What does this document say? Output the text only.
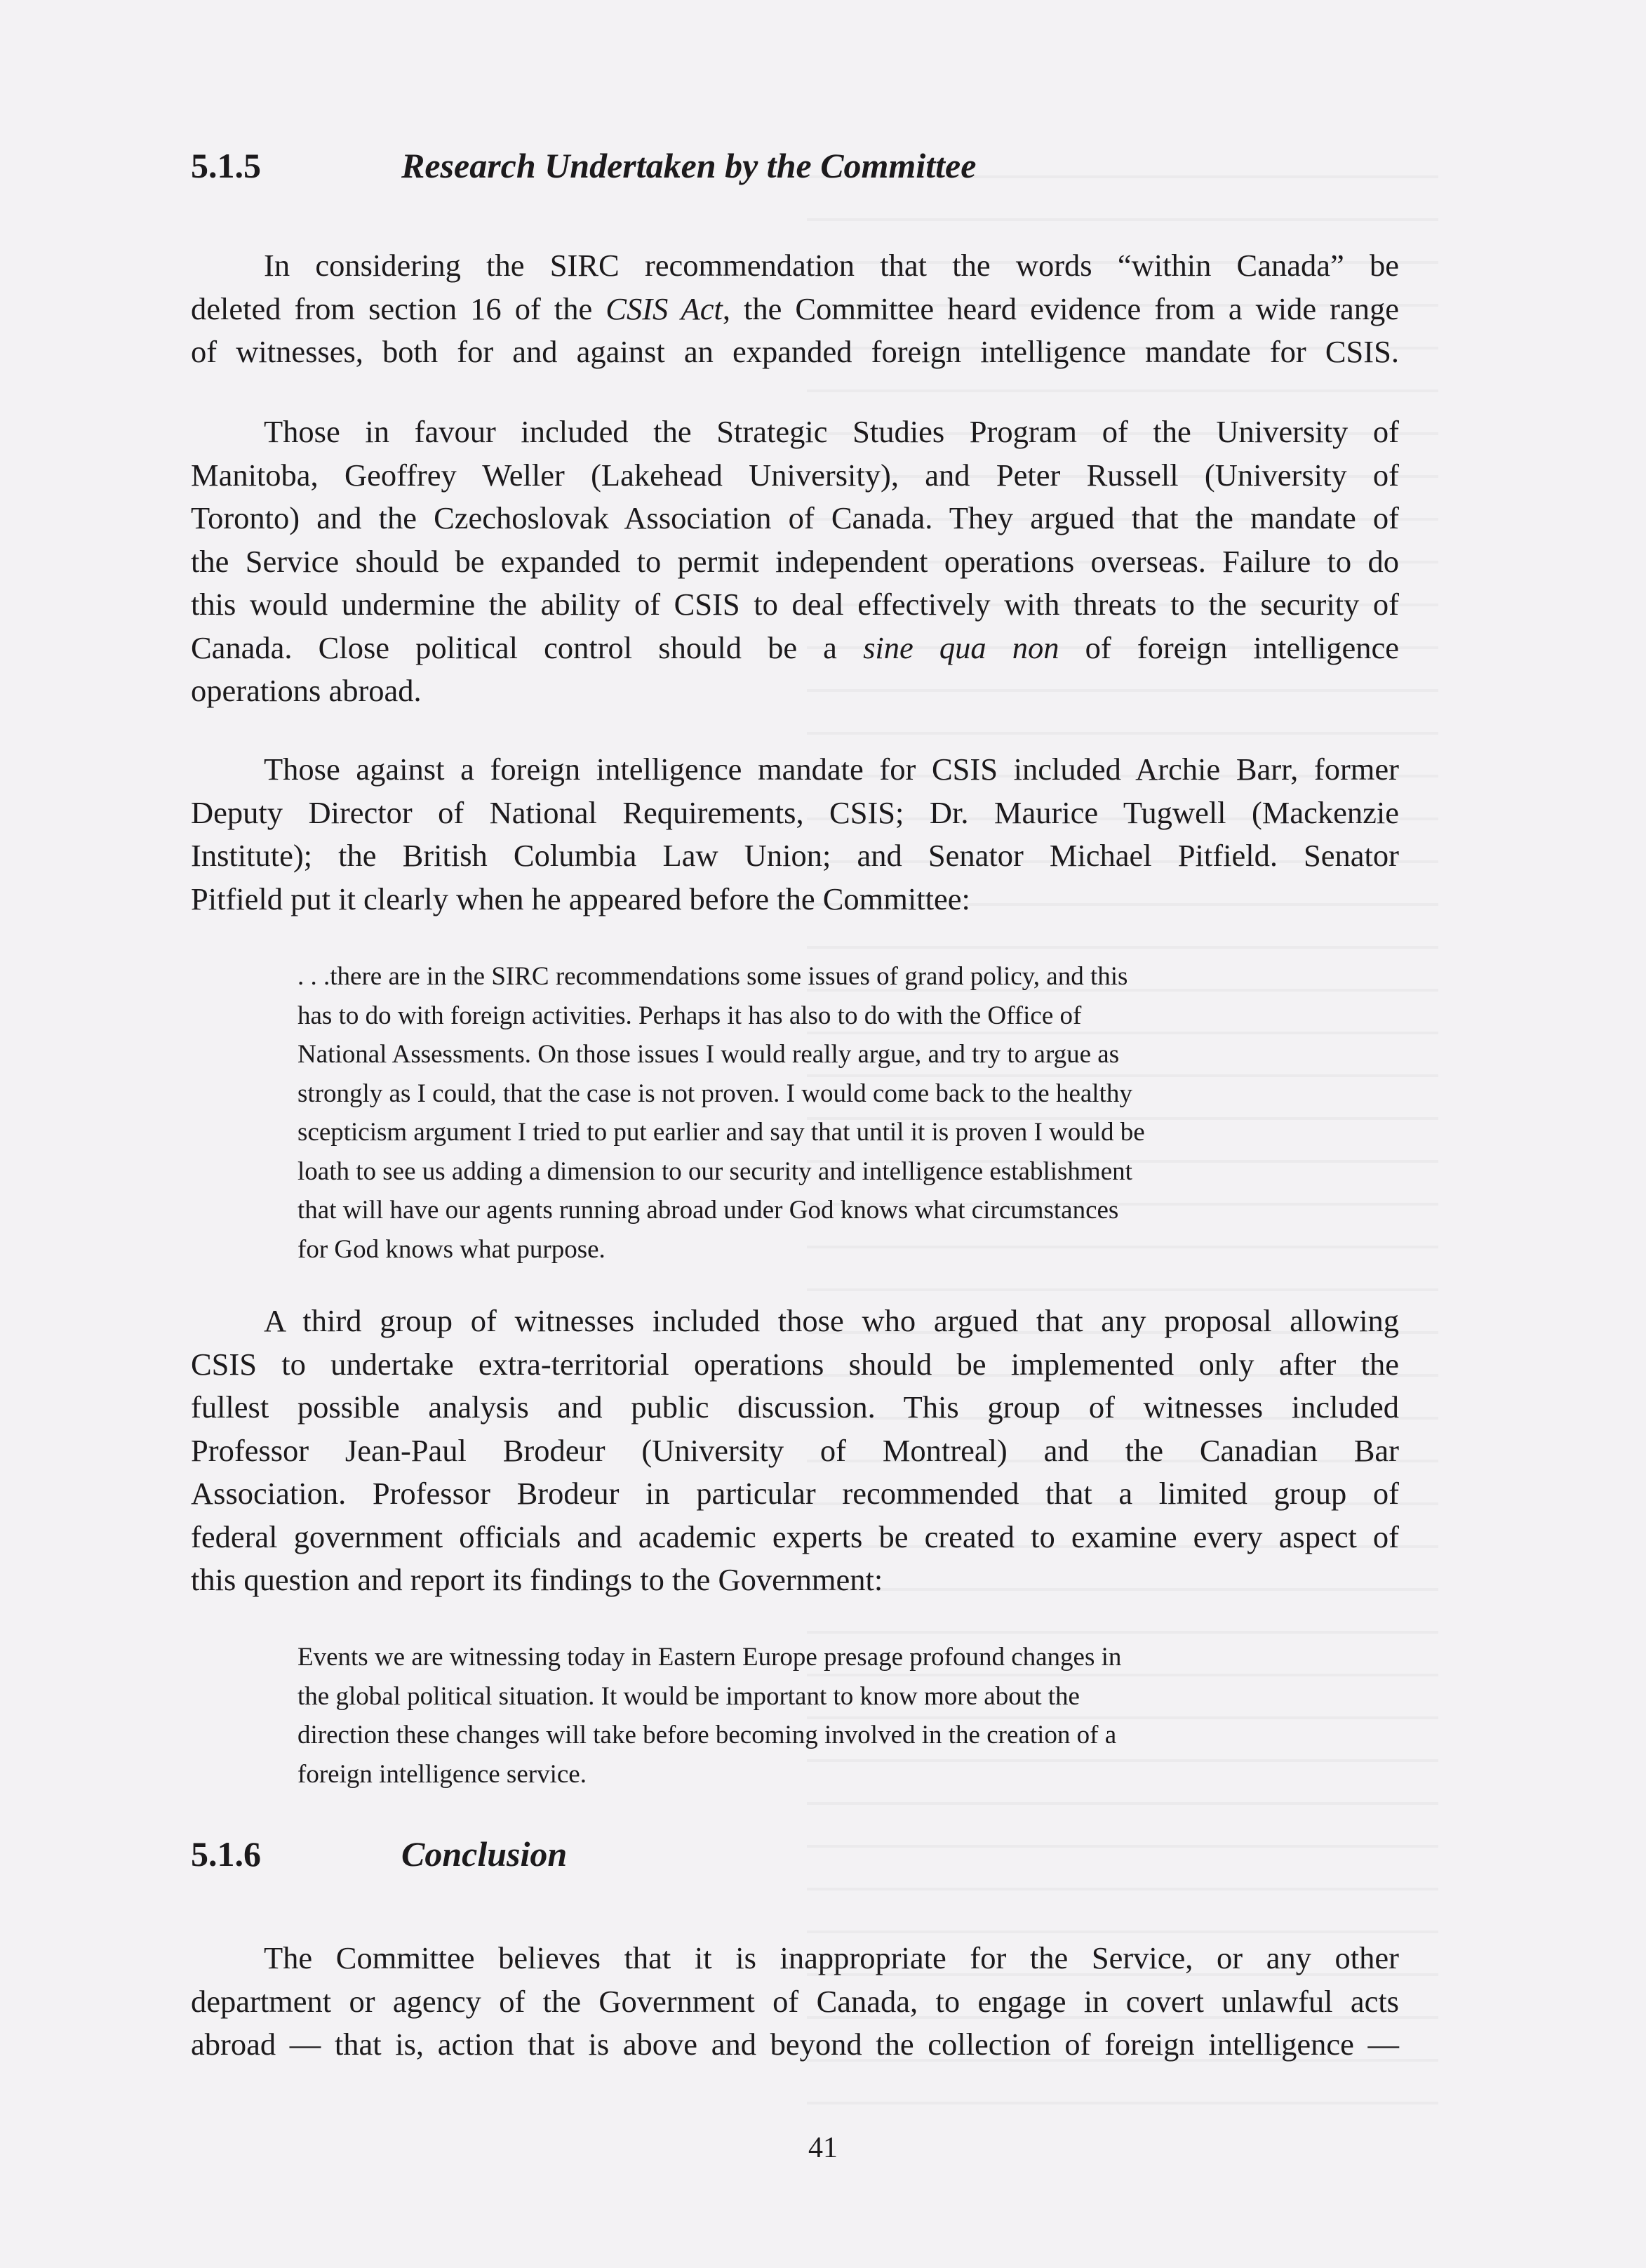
5.1.5	Research Undertaken by the Committee
In considering the SIRC recommendation that the words “within Canada” be
deleted from section 16 of the CSIS Act, the Committee heard evidence from a wide range
of witnesses, both for and against an expanded foreign intelligence mandate for CSIS.
Those in favour included the Strategic Studies Program of the University of
Manitoba, Geoffrey Weller (Lakehead University), and Peter Russell (University of
Toronto) and the Czechoslovak Association of Canada. They argued that the mandate of
the Service should be expanded to permit independent operations overseas. Failure to do
this would undermine the ability of CSIS to deal effectively with threats to the security of
Canada. Close political control should be a sine qua non of foreign intelligence
operations abroad.
Those against a foreign intelligence mandate for CSIS included Archie Barr, former
Deputy Director of National Requirements, CSIS; Dr. Maurice Tugwell (Mackenzie
Institute); the British Columbia Law Union; and Senator Michael Pitfield. Senator
Pitfield put it clearly when he appeared before the Committee:
. . .there are in the SIRC recommendations some issues of grand policy, and this
has to do with foreign activities. Perhaps it has also to do with the Office of
National Assessments. On those issues I would really argue, and try to argue as
strongly as I could, that the case is not proven. I would come back to the healthy
scepticism argument I tried to put earlier and say that until it is proven I would be
loath to see us adding a dimension to our security and intelligence establishment
that will have our agents running abroad under God knows what circumstances
for God knows what purpose.
A third group of witnesses included those who argued that any proposal allowing
CSIS to undertake extra-territorial operations should be implemented only after the
fullest possible analysis and public discussion. This group of witnesses included
Professor Jean-Paul Brodeur (University of Montreal) and the Canadian Bar
Association. Professor Brodeur in particular recommended that a limited group of
federal government officials and academic experts be created to examine every aspect of
this question and report its findings to the Government:
Events we are witnessing today in Eastern Europe presage profound changes in
the global political situation. It would be important to know more about the
direction these changes will take before becoming involved in the creation of a
foreign intelligence service.
5.1.6	Conclusion
The Committee believes that it is inappropriate for the Service, or any other
department or agency of the Government of Canada, to engage in covert unlawful acts
abroad — that is, action that is above and beyond the collection of foreign intelligence —
41
